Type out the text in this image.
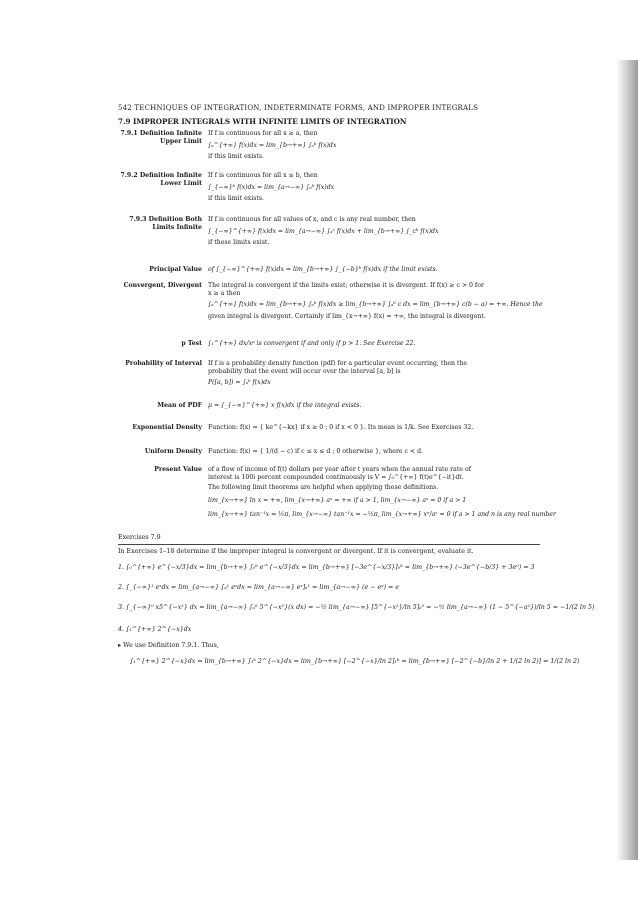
542 TECHNIQUES OF INTEGRATION, INDETERMINATE FORMS, AND IMPROPER INTEGRALS
7.9 IMPROPER INTEGRALS WITH INFINITE LIMITS OF INTEGRATION
7.9.1 Definition Infinite Upper Limit
If f is continuous for all x ≥ a, then
∫ₐ^{+∞} f(x)dx = lim_{b→+∞} ∫ₐᵇ f(x)dx
if this limit exists.
7.9.2 Definition Infinite Lower Limit
If f is continuous for all x ≤ b, then
∫_{−∞}ᵇ f(x)dx = lim_{a→−∞} ∫ₐᵇ f(x)dx
if this limit exists.
7.9.3 Definition Both Limits Infinite
If f is continuous for all values of x, and c is any real number, then
∫_{−∞}^{+∞} f(x)dx = lim_{a→−∞} ∫ₐᶜ f(x)dx + lim_{b→+∞} ∫_cᵇ f(x)dx
if these limits exist.
Principal Value of ∫_{−∞}^{+∞} f(x)dx = lim_{b→+∞} ∫_{−b}ᵇ f(x)dx if the limit exists.
Convergent, Divergent The integral is convergent if the limits exist; otherwise it is divergent. If f(x) ≥ c > 0 for
x ≥ a then
∫ₐ^{+∞} f(x)dx = lim_{b→+∞} ∫ₐᵇ f(x)dx ≥ lim_{b→+∞} ∫ₐᵇ c dx = lim_{b→+∞} c(b − a) = +∞. Hence the
given integral is divergent. Certainly if lim_{x→+∞} f(x) = +∞, the integral is divergent.
p Test ∫₁^{+∞} dx/xᵖ is convergent if and only if p > 1. See Exercise 22.
Probability of Interval If f is a probability density function (pdf) for a particular event occurring, then the
probability that the event will occur over the interval [a, b] is
P([a, b]) = ∫ₐᵇ f(x)dx
Mean of PDF μ = ∫_{−∞}^{+∞} x f(x)dx if the integral exists.
Exponential Density Function: f(x) = { ke^{−kx} if x ≥ 0 ; 0 if x < 0 }. Its mean is 1/k. See Exercises 32.
Uniform Density Function: f(x) = { 1/(d − c) if c ≤ x ≤ d ; 0 otherwise }, where c < d.
Present Value of a flow of income of f(t) dollars per year after t years when the annual rate rate of
interest is 100i percent compounded continuously is V = ∫₀^{+∞} f(t)e^{−it}dt.
The following limit theorems are helpful when applying these definitions.
lim_{x→+∞} ln x = +∞, lim_{x→+∞} aˣ = +∞ if a > 1, lim_{x→−∞} aˣ = 0 if a > 1
lim_{x→+∞} tan⁻¹x = ½π, lim_{x→−∞} tan⁻¹x = −½π, lim_{x→+∞} xⁿ/aˣ = 0 if a > 1 and n is any real number
Exercises 7.9
In Exercises 1–18 determine if the improper integral is convergent or divergent. If it is convergent, evaluate it.
1. ∫₀^{+∞} e^{−x/3}dx = lim_{b→+∞} ∫₀ᵇ e^{−x/3}dx = lim_{b→+∞} [−3e^{−x/3}]₀ᵇ = lim_{b→+∞} (−3e^{−b/3} + 3e⁰) = 3
2. ∫_{−∞}¹ eˣdx = lim_{a→−∞} ∫ₐ¹ eˣdx = lim_{a→−∞} eˣ]ₐ¹ = lim_{a→−∞} (e − eᵃ) = e
3. ∫_{−∞}⁰ x5^{−x²} dx = lim_{a→−∞} ∫ₐ⁰ 5^{−x²}(x dx) = −½ lim_{a→−∞} [5^{−x²}/ln 5]ₐ⁰ = −½ lim_{a→−∞} (1 − 5^{−a²})/ln 5 = −1/(2 ln 5)
4. ∫₁^{+∞} 2^{−x}dx
▸ We use Definition 7.9.1. Thus,
∫₁^{+∞} 2^{−x}dx = lim_{b→+∞} ∫₁ᵇ 2^{−x}dx = lim_{b→+∞} [−2^{−x}/ln 2]₁ᵇ = lim_{b→+∞} [−2^{−b}/ln 2 + 1/(2 ln 2)] = 1/(2 ln 2)
